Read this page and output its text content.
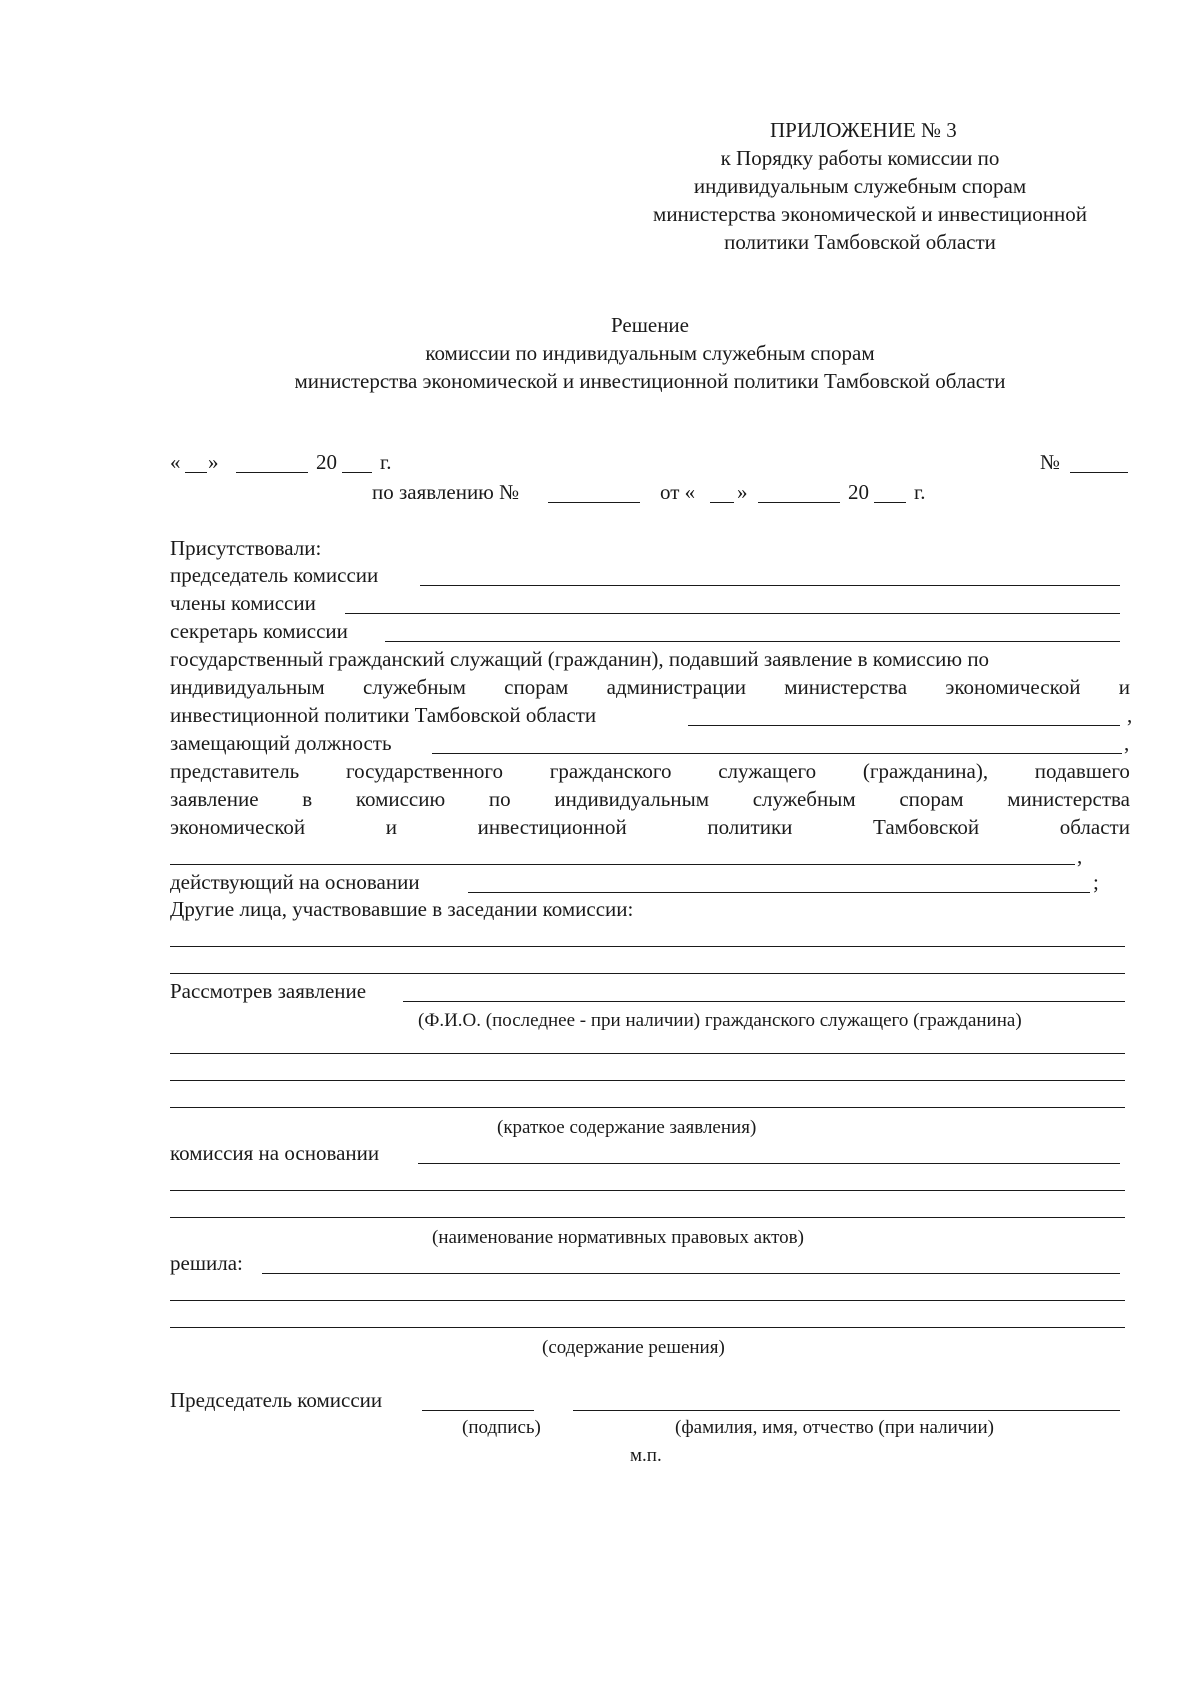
ПРИЛОЖЕНИЕ № 3
к Порядку работы комиссии по
индивидуальным служебным спорам
министерства экономической и инвестиционной
политики Тамбовской области
Решение
комиссии по индивидуальным служебным спорам
министерства экономической и инвестиционной политики Тамбовской области
« »	20 г.	№
по заявлению №	от « »	20 г.
Присутствовали:
председатель комиссии
члены комиссии
секретарь комиссии
государственный гражданский служащий (гражданин), подавший заявление в комиссию по
индивидуальным служебным спорам администрации министерства экономической и
инвестиционной политики Тамбовской области	,
замещающий должность	,
представитель государственного гражданского служащего (гражданина), подавшего
заявление в комиссию по индивидуальным служебным спорам министерства
экономической	и	инвестиционной	политики	Тамбовской	области
,
действующий на основании	;
Другие лица, участвовавшие в заседании комиссии:
Рассмотрев заявление
(Ф.И.О. (последнее - при наличии) гражданского служащего (гражданина)
(краткое содержание заявления)
комиссия на основании
(наименование нормативных правовых актов)
решила:
(содержание решения)
Председатель комиссии
(подпись)	(фамилия, имя, отчество (при наличии)
м.п.
